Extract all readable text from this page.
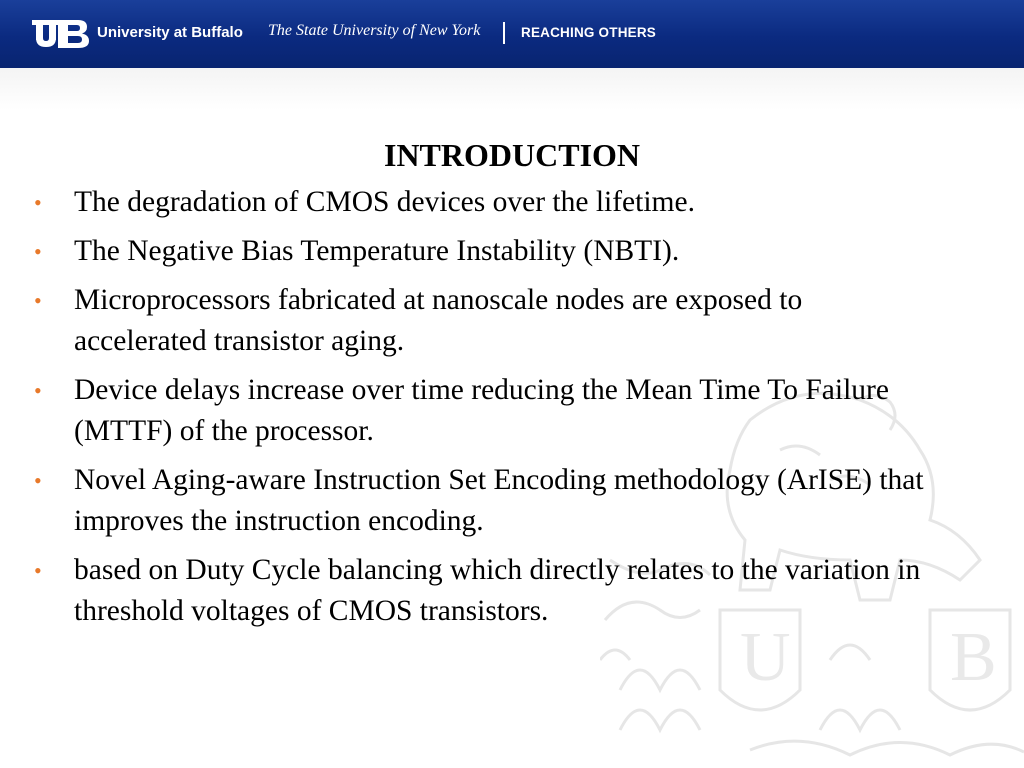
University at Buffalo The State University of New York	REACHING OTHERS
U B
INTRODUCTION
• The degradation of CMOS devices over the lifetime.
• The Negative Bias Temperature Instability (NBTI).
• Microprocessors fabricated at nanoscale nodes are exposed to accelerated transistor aging.
• Device delays increase over time reducing the Mean Time To Failure (MTTF) of the processor.
• Novel Aging-aware Instruction Set Encoding methodology (ArISE) that improves the instruction encoding.
• based on Duty Cycle balancing which directly relates to the variation in threshold voltages of CMOS transistors.
